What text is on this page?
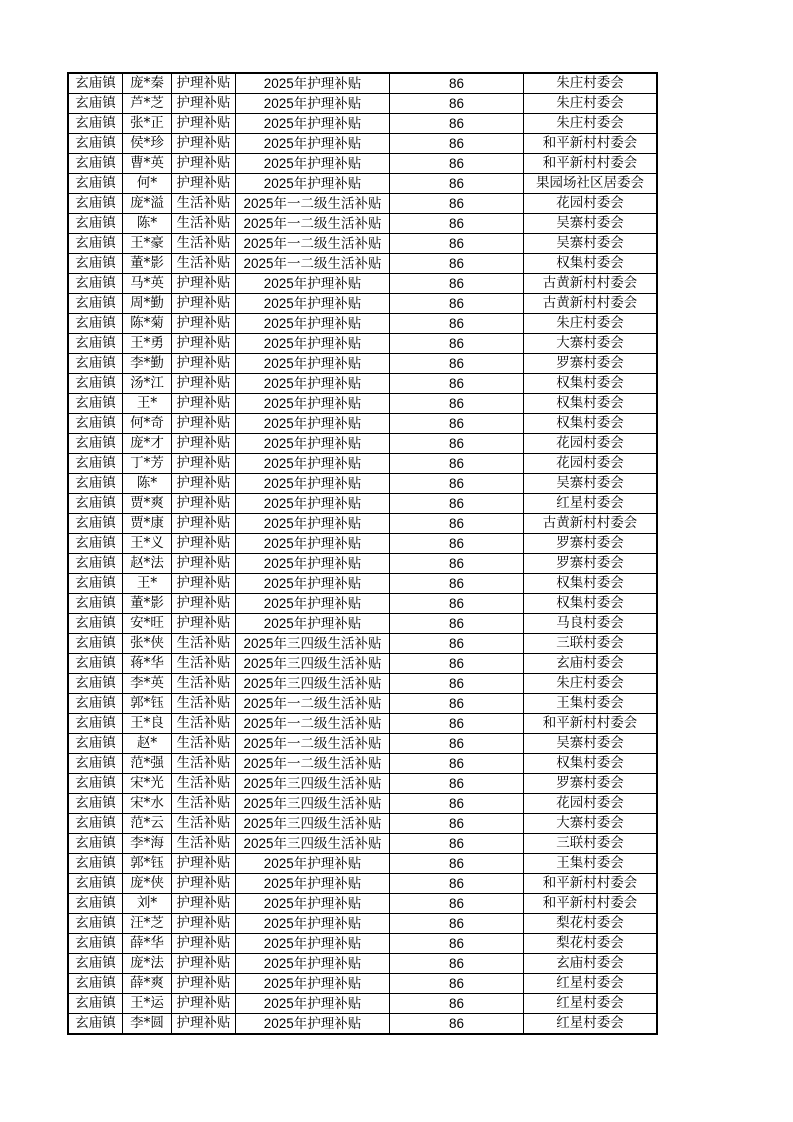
玄庙镇	庞*秦	护理补贴	2025年护理补贴	86	朱庄村委会
玄庙镇	芦*芝	护理补贴	2025年护理补贴	86	朱庄村委会
玄庙镇	张*正	护理补贴	2025年护理补贴	86	朱庄村委会
玄庙镇	侯*珍	护理补贴	2025年护理补贴	86	和平新村村委会
玄庙镇	曹*英	护理补贴	2025年护理补贴	86	和平新村村委会
玄庙镇	何*	护理补贴	2025年护理补贴	86	果园场社区居委会
玄庙镇	庞*溢	生活补贴	2025年一二级生活补贴	86	花园村委会
玄庙镇	陈*	生活补贴	2025年一二级生活补贴	86	吴寨村委会
玄庙镇	王*豪	生活补贴	2025年一二级生活补贴	86	吴寨村委会
玄庙镇	董*影	生活补贴	2025年一二级生活补贴	86	权集村委会
玄庙镇	马*英	护理补贴	2025年护理补贴	86	古黄新村村委会
玄庙镇	周*勤	护理补贴	2025年护理补贴	86	古黄新村村委会
玄庙镇	陈*菊	护理补贴	2025年护理补贴	86	朱庄村委会
玄庙镇	王*勇	护理补贴	2025年护理补贴	86	大寨村委会
玄庙镇	李*勤	护理补贴	2025年护理补贴	86	罗寨村委会
玄庙镇	汤*江	护理补贴	2025年护理补贴	86	权集村委会
玄庙镇	王*	护理补贴	2025年护理补贴	86	权集村委会
玄庙镇	何*奇	护理补贴	2025年护理补贴	86	权集村委会
玄庙镇	庞*才	护理补贴	2025年护理补贴	86	花园村委会
玄庙镇	丁*芳	护理补贴	2025年护理补贴	86	花园村委会
玄庙镇	陈*	护理补贴	2025年护理补贴	86	吴寨村委会
玄庙镇	贾*爽	护理补贴	2025年护理补贴	86	红星村委会
玄庙镇	贾*康	护理补贴	2025年护理补贴	86	古黄新村村委会
玄庙镇	王*义	护理补贴	2025年护理补贴	86	罗寨村委会
玄庙镇	赵*法	护理补贴	2025年护理补贴	86	罗寨村委会
玄庙镇	王*	护理补贴	2025年护理补贴	86	权集村委会
玄庙镇	董*影	护理补贴	2025年护理补贴	86	权集村委会
玄庙镇	安*旺	护理补贴	2025年护理补贴	86	马良村委会
玄庙镇	张*侠	生活补贴	2025年三四级生活补贴	86	三联村委会
玄庙镇	蒋*华	生活补贴	2025年三四级生活补贴	86	玄庙村委会
玄庙镇	李*英	生活补贴	2025年三四级生活补贴	86	朱庄村委会
玄庙镇	郭*钰	生活补贴	2025年一二级生活补贴	86	王集村委会
玄庙镇	王*良	生活补贴	2025年一二级生活补贴	86	和平新村村委会
玄庙镇	赵*	生活补贴	2025年一二级生活补贴	86	吴寨村委会
玄庙镇	范*强	生活补贴	2025年一二级生活补贴	86	权集村委会
玄庙镇	宋*光	生活补贴	2025年三四级生活补贴	86	罗寨村委会
玄庙镇	宋*水	生活补贴	2025年三四级生活补贴	86	花园村委会
玄庙镇	范*云	生活补贴	2025年三四级生活补贴	86	大寨村委会
玄庙镇	李*海	生活补贴	2025年三四级生活补贴	86	三联村委会
玄庙镇	郭*钰	护理补贴	2025年护理补贴	86	王集村委会
玄庙镇	庞*侠	护理补贴	2025年护理补贴	86	和平新村村委会
玄庙镇	刘*	护理补贴	2025年护理补贴	86	和平新村村委会
玄庙镇	汪*芝	护理补贴	2025年护理补贴	86	梨花村委会
玄庙镇	薛*华	护理补贴	2025年护理补贴	86	梨花村委会
玄庙镇	庞*法	护理补贴	2025年护理补贴	86	玄庙村委会
玄庙镇	薛*爽	护理补贴	2025年护理补贴	86	红星村委会
玄庙镇	王*运	护理补贴	2025年护理补贴	86	红星村委会
玄庙镇	李*圆	护理补贴	2025年护理补贴	86	红星村委会
